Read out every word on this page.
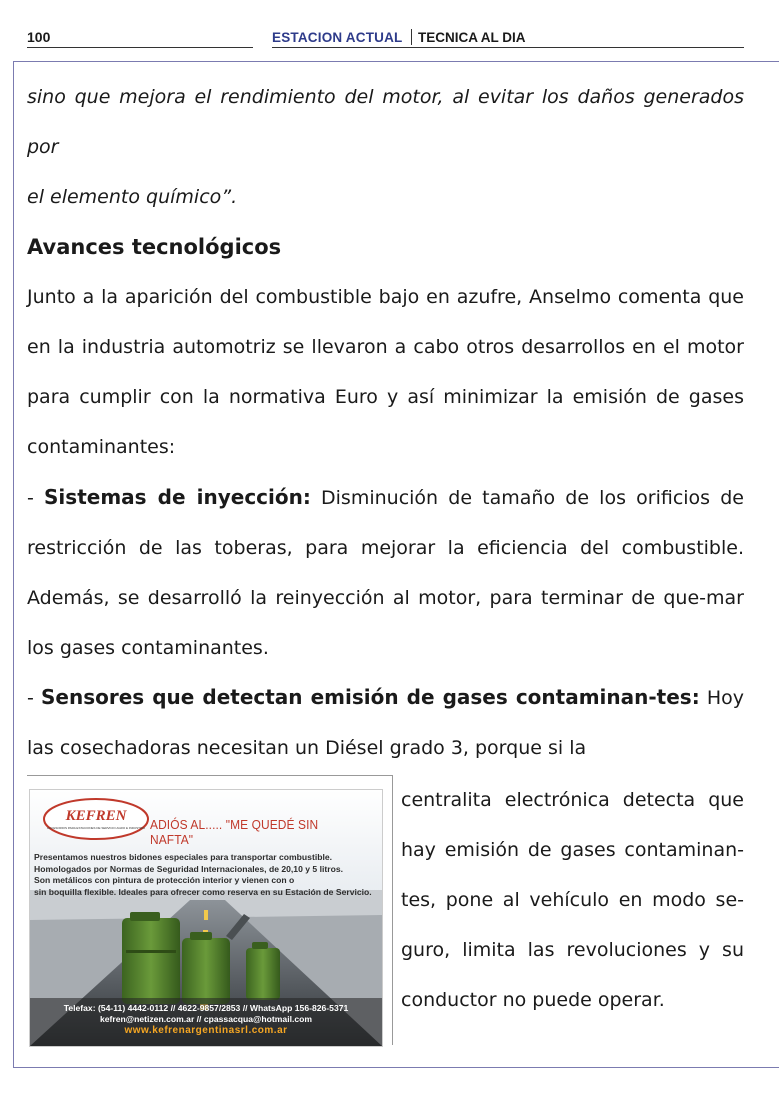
100	ESTACION ACTUAL TECNICA AL DIA

sino que mejora el rendimiento del motor, al evitar los daños generados por
el elemento químico”.

Avances tecnológicos

Junto a la aparición del combustible bajo en azufre, Anselmo comenta que en la industria automotriz se llevaron a cabo otros desarrollos en el motor para cumplir con la normativa Euro y así minimizar la emisión de gases contaminantes:

- Sistemas de inyección: Disminución de tamaño de los orificios de restricción de las toberas, para mejorar la eficiencia del combustible. Además, se desarrolló la reinyección al motor, para terminar de que-mar los gases contaminantes.

- Sensores que detectan emisión de gases contaminan-tes: Hoy las cosechadoras necesitan un Diésel grado 3, porque si la

centralita electrónica detecta que hay emisión de gases contaminan-tes, pone al vehículo en modo se-guro, limita las revoluciones y su conductor no puede operar.

KEFREN
ACCESORIOS PARA ESTACIONES DE SERVICIO AGRO E INDUSTRIA ADIÓS AL..... "ME QUEDÉ SIN NAFTA"
Presentamos nuestros bidones especiales para transportar combustible.
Homologados por Normas de Seguridad Internacionales, de 20,10 y 5 litros.
Son metálicos con pintura de protección interior y vienen con o
sin boquilla flexible. Ideales para ofrecer como reserva en su Estación de Servicio.
Telefax: (54-11) 4442-0112 // 4622-9857/2853 // WhatsApp 156-826-5371
kefren@netizen.com.ar // cpassacqua@hotmail.com
www.kefrenargentinasrl.com.ar
